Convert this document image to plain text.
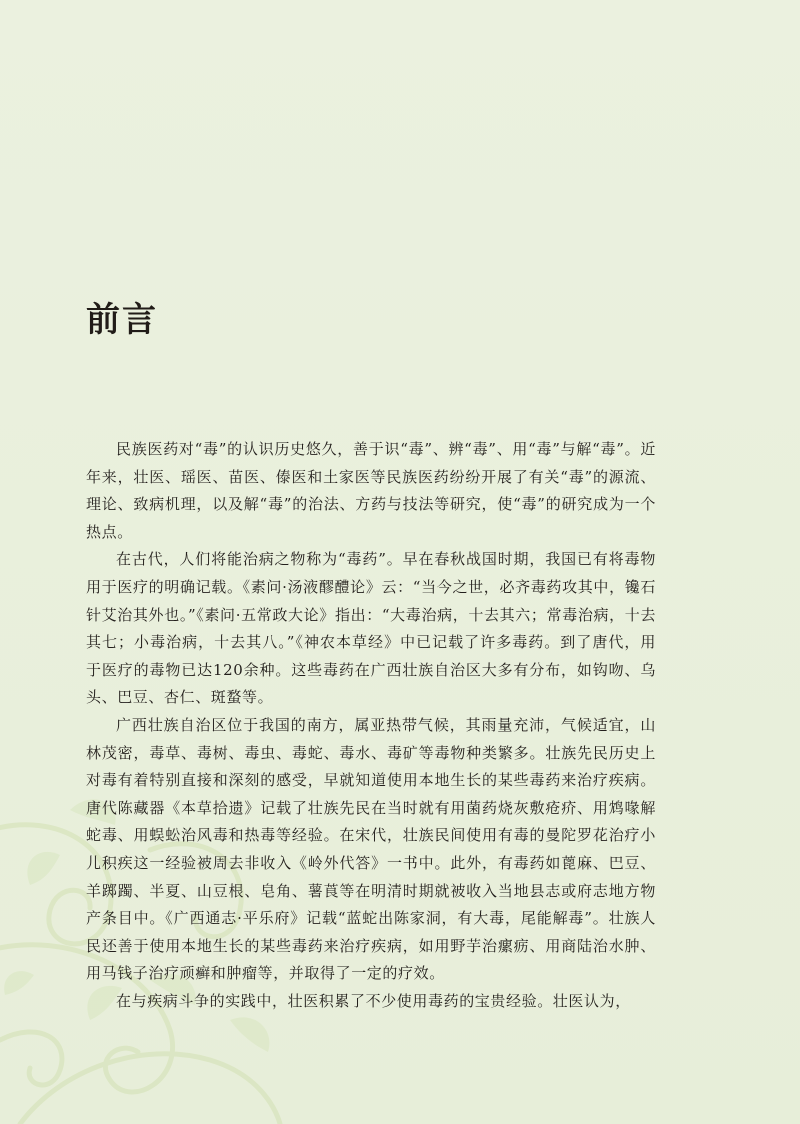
前言

民族医药对“毒”的认识历史悠久，善于识“毒”、辨“毒”、用“毒”与解“毒”。近年来，壮医、瑶医、苗医、傣医和土家医等民族医药纷纷开展了有关“毒”的源流、理论、致病机理，以及解“毒”的治法、方药与技法等研究，使“毒”的研究成为一个热点。

在古代，人们将能治病之物称为“毒药”。早在春秋战国时期，我国已有将毒物用于医疗的明确记载。《素问·汤液醪醴论》云：“当今之世，必齐毒药攻其中，镵石针艾治其外也。”《素问·五常政大论》指出：“大毒治病，十去其六；常毒治病，十去其七；小毒治病，十去其八。”《神农本草经》中已记载了许多毒药。到了唐代，用于医疗的毒物已达120余种。这些毒药在广西壮族自治区大多有分布，如钩吻、乌头、巴豆、杏仁、斑蝥等。

广西壮族自治区位于我国的南方，属亚热带气候，其雨量充沛，气候适宜，山林茂密，毒草、毒树、毒虫、毒蛇、毒水、毒矿等毒物种类繁多。壮族先民历史上对毒有着特别直接和深刻的感受，早就知道使用本地生长的某些毒药来治疗疾病。唐代陈藏器《本草拾遗》记载了壮族先民在当时就有用菌药烧灰敷疮疥、用鸩喙解蛇毒、用蜈蚣治风毒和热毒等经验。在宋代，壮族民间使用有毒的曼陀罗花治疗小儿积疾这一经验被周去非收入《岭外代答》一书中。此外，有毒药如蓖麻、巴豆、羊踯躅、半夏、山豆根、皂角、薯莨等在明清时期就被收入当地县志或府志地方物产条目中。《广西通志·平乐府》记载“蓝蛇出陈家洞，有大毒，尾能解毒”。壮族人民还善于使用本地生长的某些毒药来治疗疾病，如用野芋治瘰疬、用商陆治水肿、用马钱子治疗顽癣和肿瘤等，并取得了一定的疗效。

在与疾病斗争的实践中，壮医积累了不少使用毒药的宝贵经验。壮医认为，
